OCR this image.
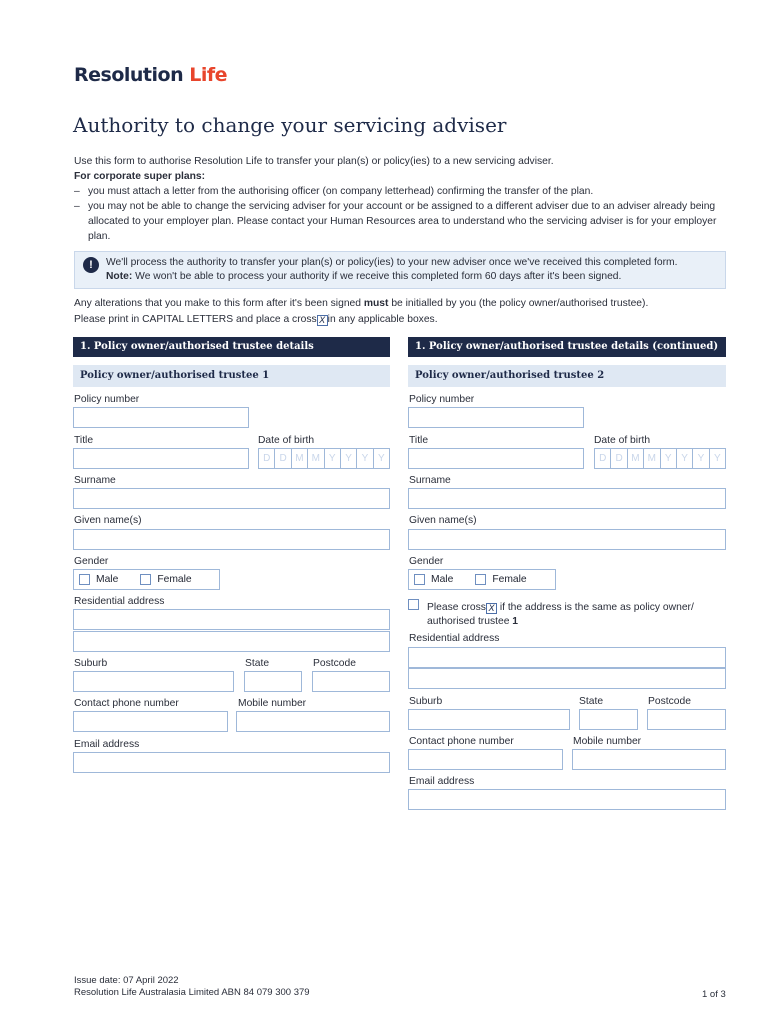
Resolution Life
Authority to change your servicing adviser
Use this form to authorise Resolution Life to transfer your plan(s) or policy(ies) to a new servicing adviser.
For corporate super plans:
– you must attach a letter from the authorising officer (on company letterhead) confirming the transfer of the plan.
– you may not be able to change the servicing adviser for your account or be assigned to a different adviser due to an adviser already being allocated to your employer plan. Please contact your Human Resources area to understand who the servicing adviser is for your employer plan.
!	We'll process the authority to transfer your plan(s) or policy(ies) to your new adviser once we've received this completed form.
Note: We won't be able to process your authority if we receive this completed form 60 days after it's been signed.
Any alterations that you make to this form after it's been signed must be initialled by you (the policy owner/authorised trustee).
Please print in CAPITAL LETTERS and place a cross X in any applicable boxes.
1. Policy owner/authorised trustee details
Policy owner/authorised trustee 1
Policy number
Title	Date of birth
D D M M Y Y Y Y
Surname
Given name(s)
Gender
Male	Female
Residential address
Suburb	State	Postcode
Contact phone number	Mobile number
Email address
1. Policy owner/authorised trustee details (continued)
Policy owner/authorised trustee 2
Policy number
Title	Date of birth
D D M M Y Y Y Y
Surname
Given name(s)
Gender
Male	Female
Please cross X if the address is the same as policy owner/
authorised trustee 1
Residential address
Suburb	State	Postcode
Contact phone number	Mobile number
Email address
Issue date: 07 April 2022
Resolution Life Australasia Limited ABN 84 079 300 379	1 of 3
